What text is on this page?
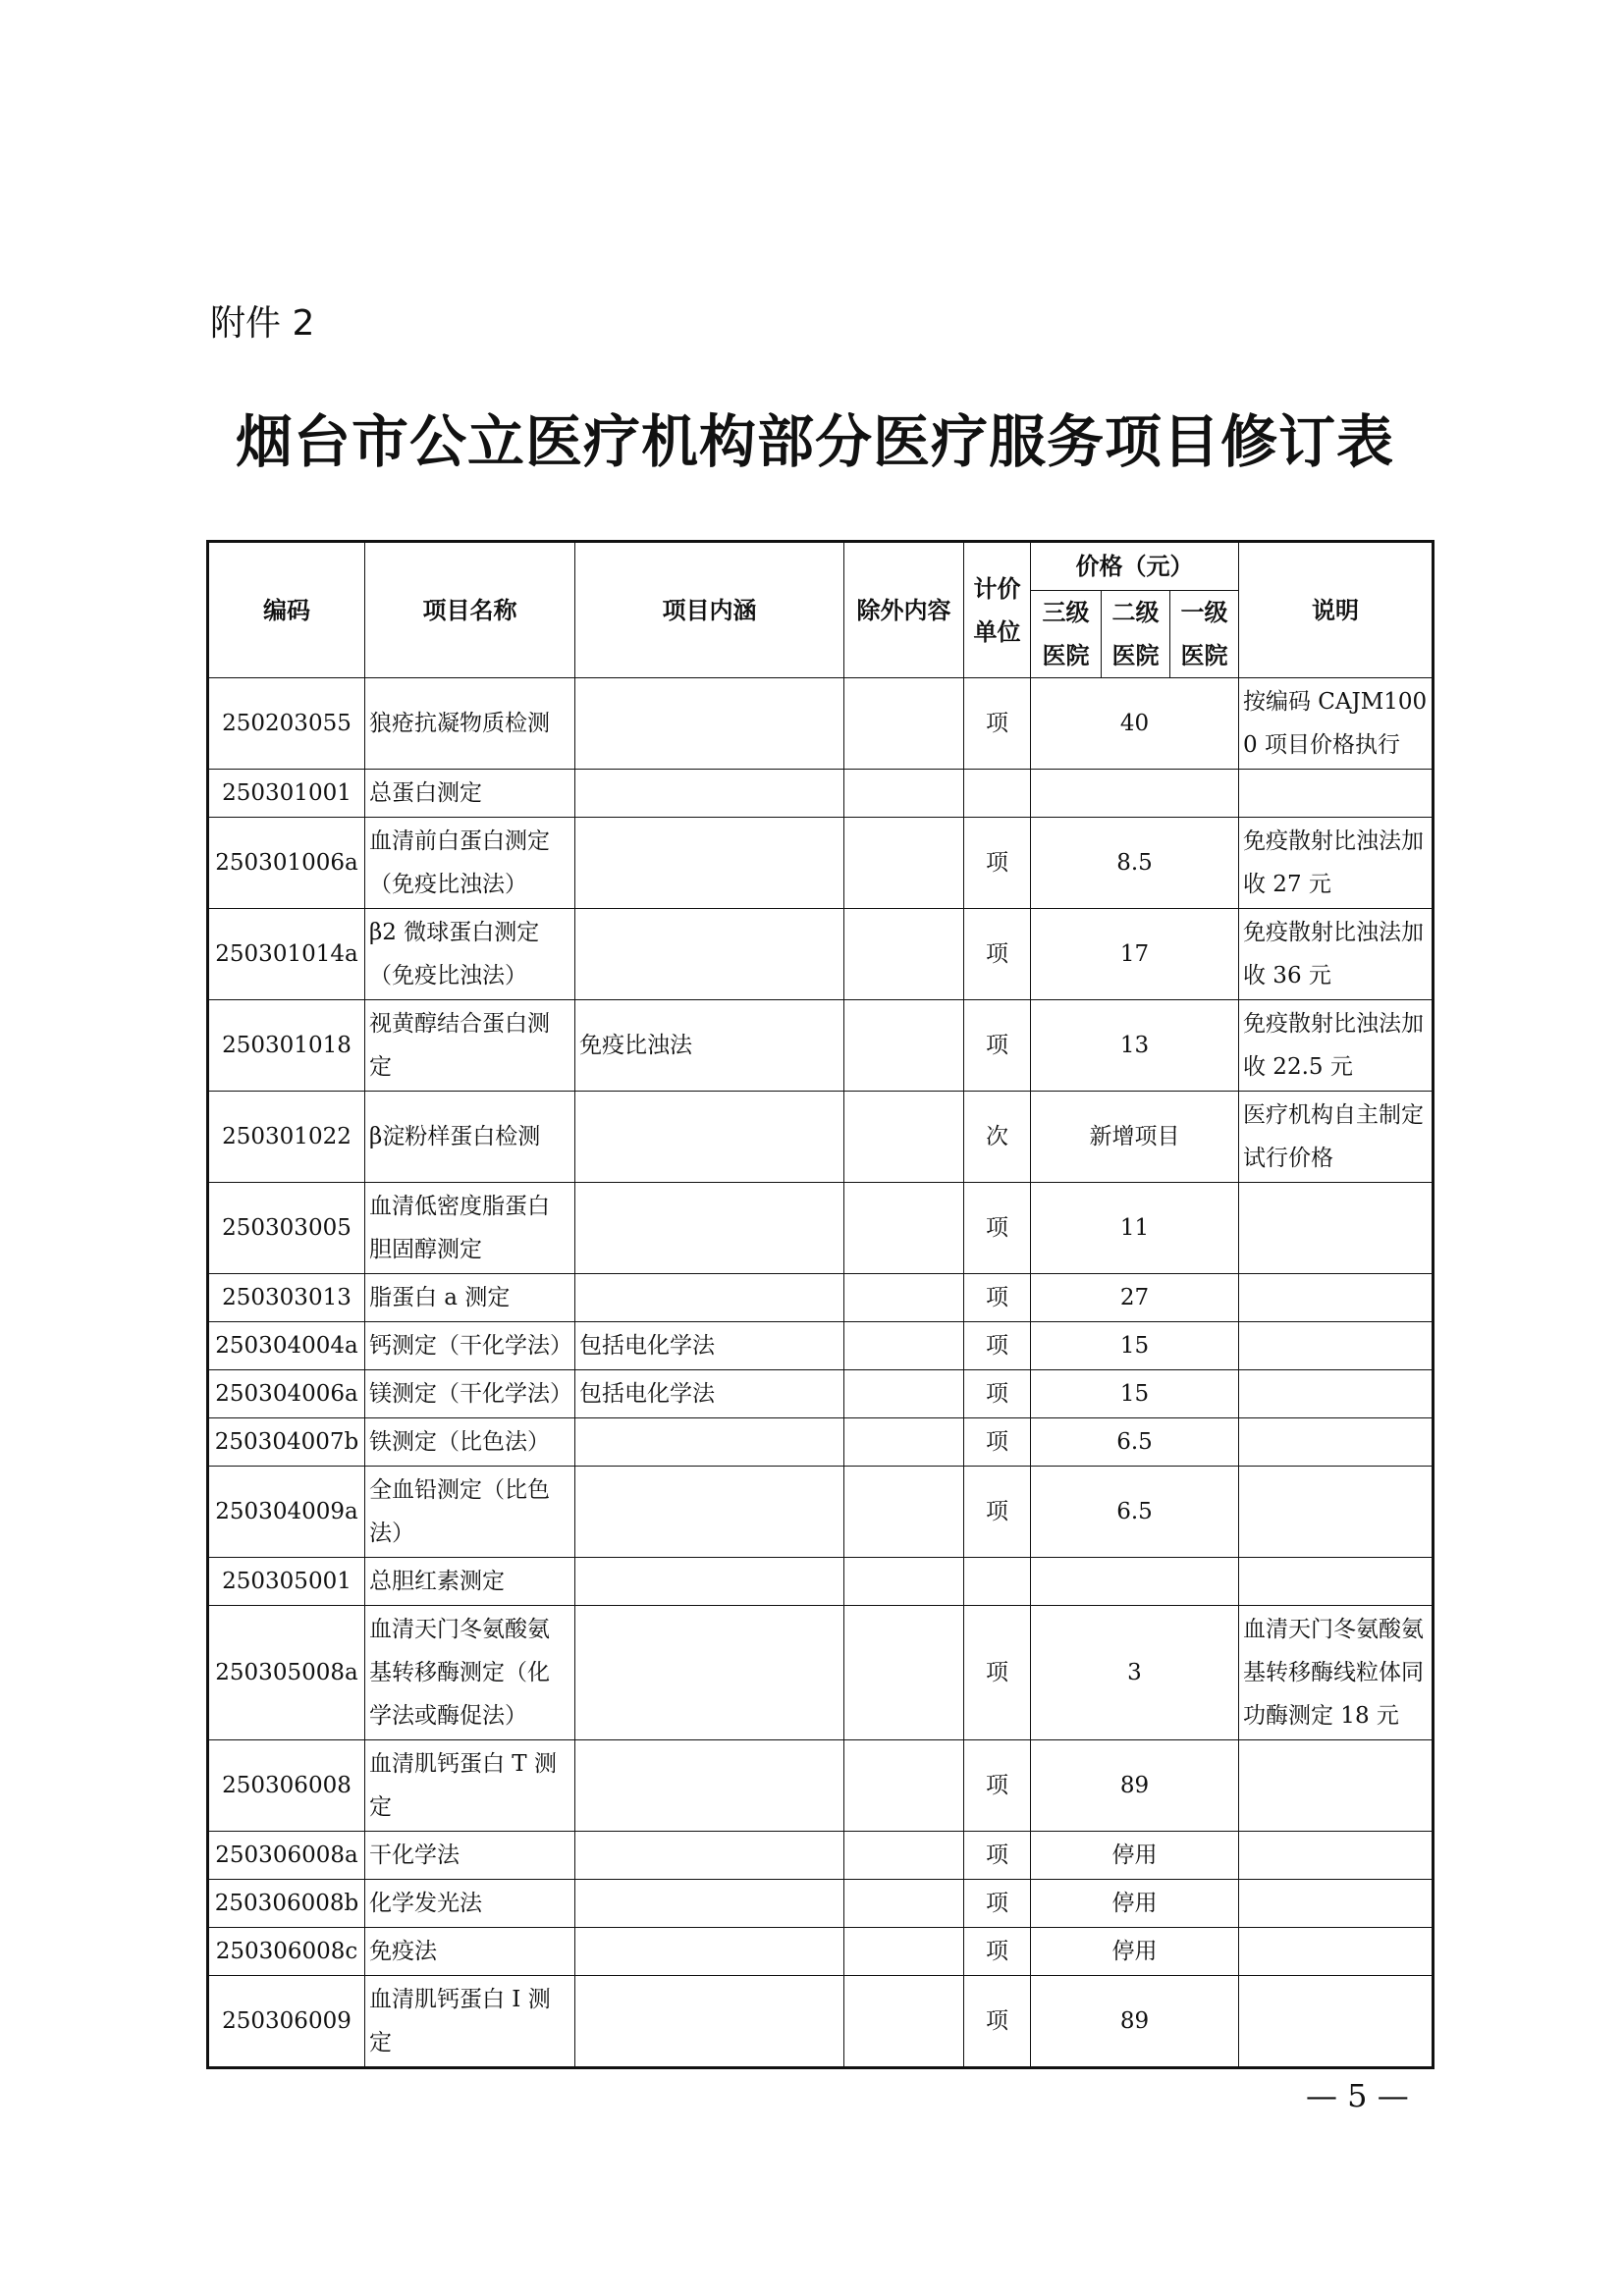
附件 2
烟台市公立医疗机构部分医疗服务项目修订表
编码	项目名称	项目内涵	除外内容	计价单位	价格（元）			说明
					三级医院	二级医院	一级医院	
250203055	狼疮抗凝物质检测			项	40			按编码 CAJM1000 项目价格执行
250301001	总蛋白测定							
250301006a	血清前白蛋白测定（免疫比浊法）			项	8.5			免疫散射比浊法加收 27 元
250301014a	β2 微球蛋白测定（免疫比浊法）			项	17			免疫散射比浊法加收 36 元
250301018	视黄醇结合蛋白测定	免疫比浊法		项	13			免疫散射比浊法加收 22.5 元
250301022	β淀粉样蛋白检测			次	新增项目			医疗机构自主制定试行价格
250303005	血清低密度脂蛋白胆固醇测定			项	11			
250303013	脂蛋白 a 测定			项	27			
250304004a	钙测定（干化学法）	包括电化学法		项	15			
250304006a	镁测定（干化学法）	包括电化学法		项	15			
250304007b	铁测定（比色法）			项	6.5			
250304009a	全血铅测定（比色法）			项	6.5			
250305001	总胆红素测定							
250305008a	血清天门冬氨酸氨基转移酶测定（化学法或酶促法）			项	3			血清天门冬氨酸氨基转移酶线粒体同功酶测定 18 元
250306008	血清肌钙蛋白 T 测定			项	89			
250306008a	干化学法			项	停用			
250306008b	化学发光法			项	停用			
250306008c	免疫法			项	停用			
250306009	血清肌钙蛋白 I 测定			项	89			
— 5 —
